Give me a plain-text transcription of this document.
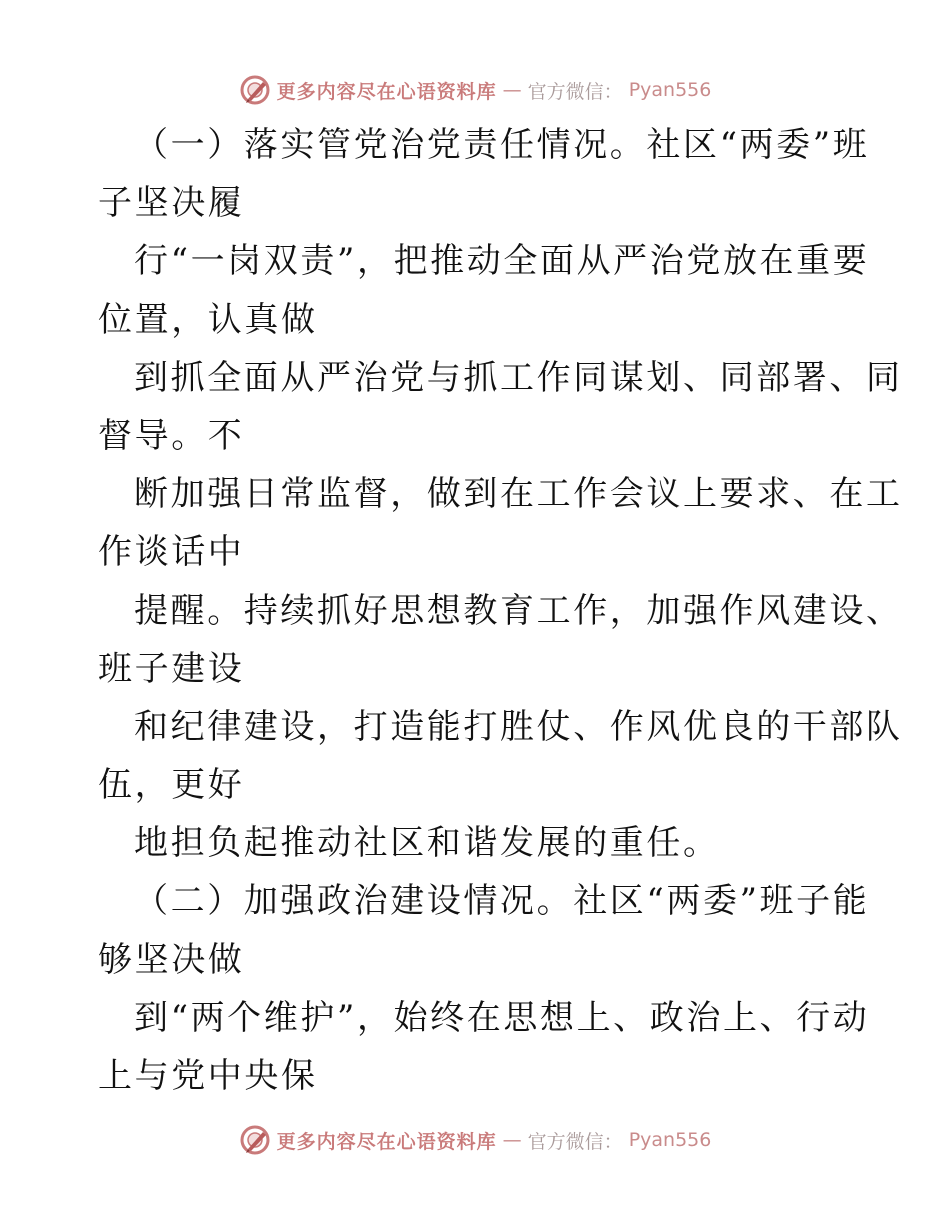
更多内容尽在心语资料库 — 官方微信： Pyan556
（一）落实管党治党责任情况。社区“两委”班
子坚决履
行“一岗双责”，把推动全面从严治党放在重要
位置，认真做
到抓全面从严治党与抓工作同谋划、同部署、同
督导。不
断加强日常监督，做到在工作会议上要求、在工
作谈话中
提醒。持续抓好思想教育工作，加强作风建设、
班子建设
和纪律建设，打造能打胜仗、作风优良的干部队
伍，更好
地担负起推动社区和谐发展的重任。
（二）加强政治建设情况。社区“两委”班子能
够坚决做
到“两个维护”，始终在思想上、政治上、行动
上与党中央保
更多内容尽在心语资料库 — 官方微信： Pyan556
